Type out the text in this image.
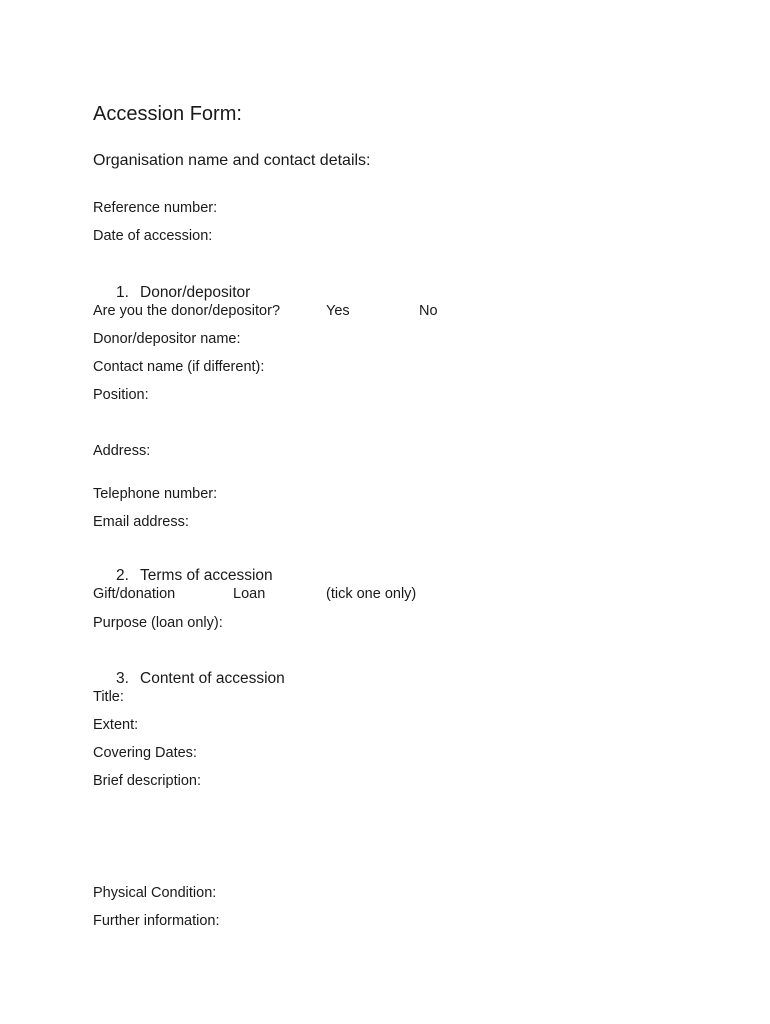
Accession Form:
Organisation name and contact details:
Reference number:
Date of accession:
1. Donor/depositor
Are you the donor/depositor?	Yes	No
Donor/depositor name:
Contact name (if different):
Position:
Address:
Telephone number:
Email address:
2. Terms of accession
Gift/donation	Loan	(tick one only)
Purpose (loan only):
3. Content of accession
Title:
Extent:
Covering Dates:
Brief description:
Physical Condition:
Further information:
